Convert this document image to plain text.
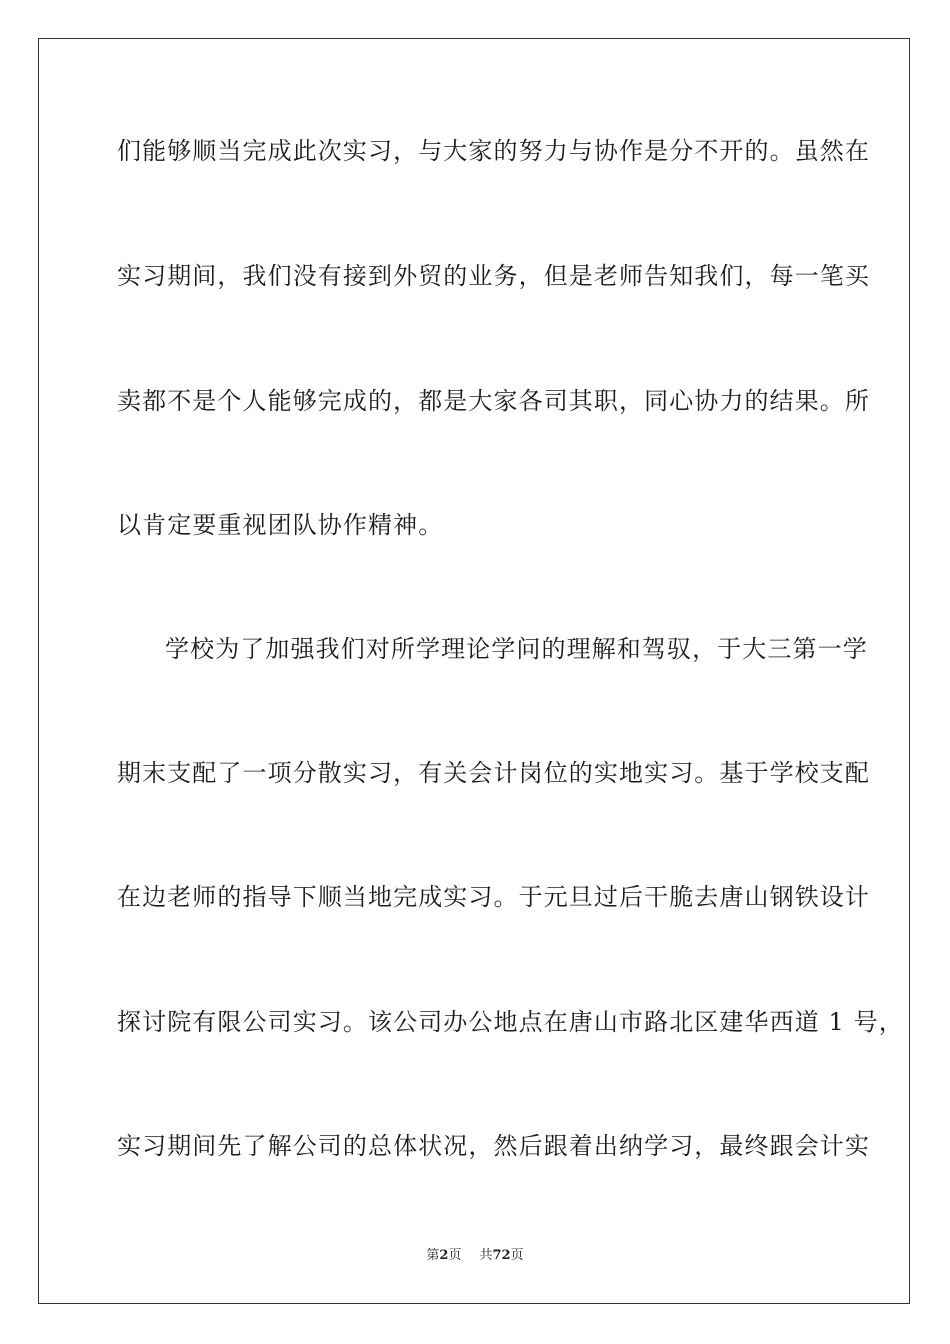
们能够顺当完成此次实习，与大家的努力与协作是分不开的。虽然在
实习期间，我们没有接到外贸的业务，但是老师告知我们，每一笔买
卖都不是个人能够完成的，都是大家各司其职，同心协力的结果。所
以肯定要重视团队协作精神。
学校为了加强我们对所学理论学问的理解和驾驭，于大三第一学
期末支配了一项分散实习，有关会计岗位的实地实习。基于学校支配
在边老师的指导下顺当地完成实习。于元旦过后干脆去唐山钢铁设计
探讨院有限公司实习。该公司办公地点在唐山市路北区建华西道 1 号，
实习期间先了解公司的总体状况，然后跟着出纳学习，最终跟会计实
第2页 共72页
